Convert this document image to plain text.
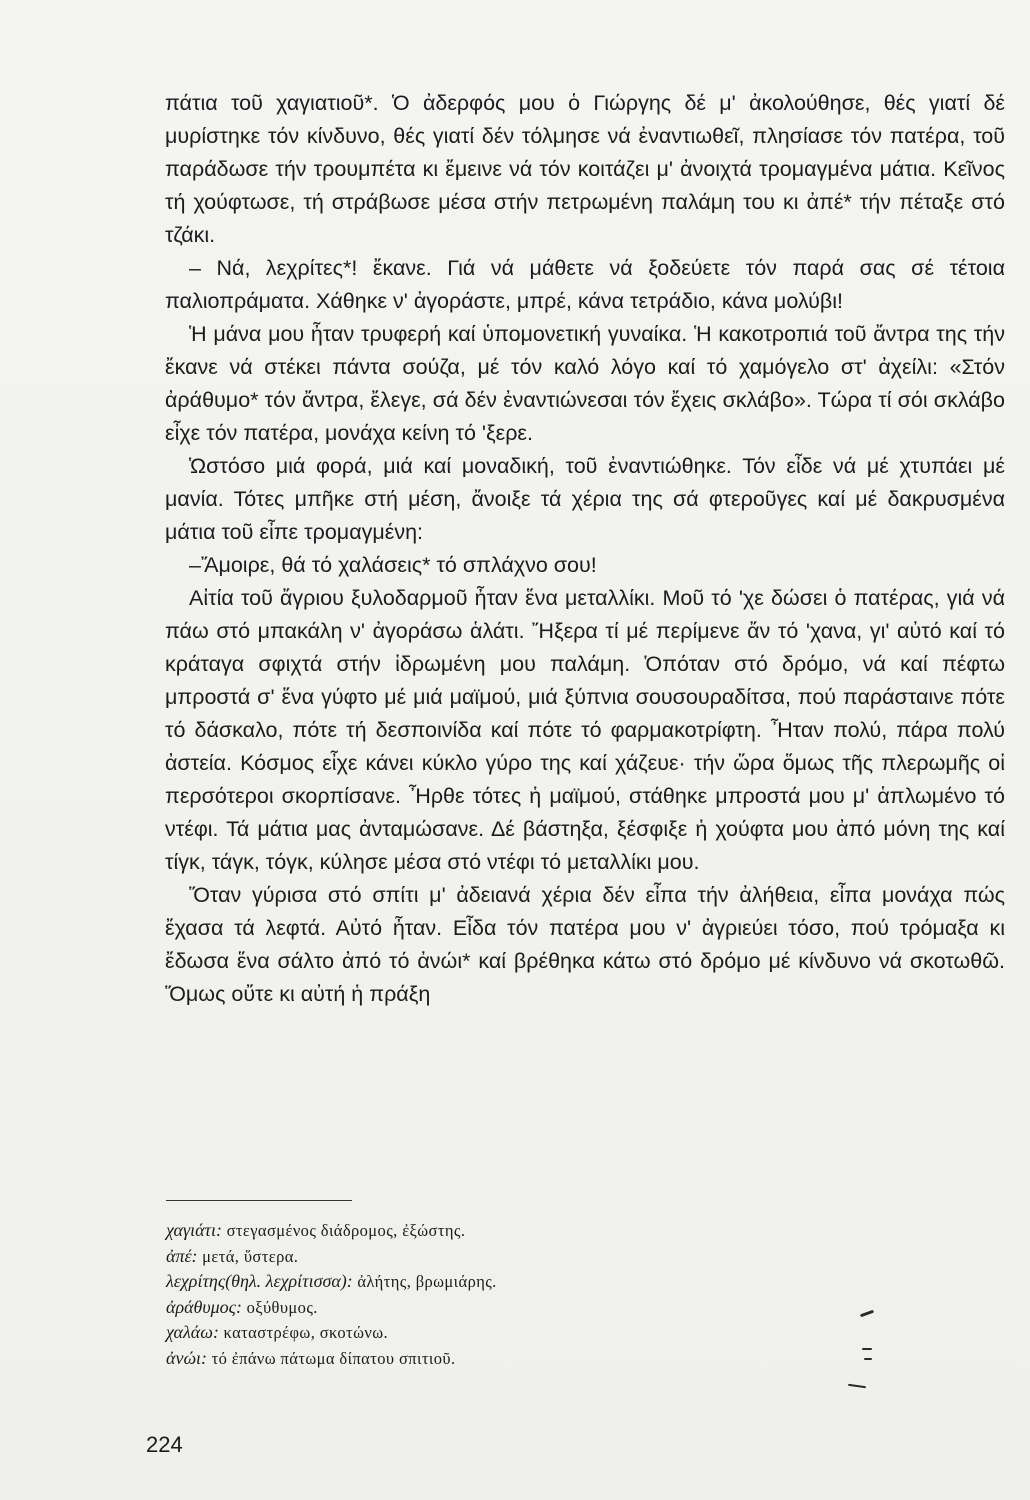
πάτια τοῦ χαγιατιοῦ*. Ὁ ἀδερφός μου ὁ Γιώργης δέ μ' ἀκολούθησε, θές γιατί δέ μυρίστηκε τόν κίνδυνο, θές γιατί δέν τόλμησε νά ἐναντιωθεῖ, πλησίασε τόν πατέρα, τοῦ παράδωσε τήν τρουμπέτα κι ἔμεινε νά τόν κοιτάζει μ' ἀνοιχτά τρομαγμένα μάτια. Κεῖνος τή χούφτωσε, τή στράβωσε μέσα στήν πετρωμένη παλάμη του κι ἀπέ* τήν πέταξε στό τζάκι.

– Νά, λεχρίτες*! ἔκανε. Γιά νά μάθετε νά ξοδεύετε τόν παρά σας σέ τέτοια παλιοπράματα. Χάθηκε ν' ἀγοράστε, μπρέ, κάνα τετράδιο, κάνα μολύβι!

Ἡ μάνα μου ἦταν τρυφερή καί ὑπομονετική γυναίκα. Ἡ κακοτροπιά τοῦ ἄντρα της τήν ἔκανε νά στέκει πάντα σούζα, μέ τόν καλό λόγο καί τό χαμόγελο στ' ἀχείλι: «Στόν ἀράθυμο* τόν ἄντρα, ἔλεγε, σά δέν ἐναντιώνεσαι τόν ἔχεις σκλάβο». Τώρα τί σόι σκλάβο εἶχε τόν πατέρα, μονάχα κείνη τό 'ξερε.

Ὡστόσο μιά φορά, μιά καί μοναδική, τοῦ ἐναντιώθηκε. Τόν εἶδε νά μέ χτυπάει μέ μανία. Τότες μπῆκε στή μέση, ἄνοιξε τά χέρια της σά φτεροῦγες καί μέ δακρυσμένα μάτια τοῦ εἶπε τρομαγμένη:

–Ἄμοιρε, θά τό χαλάσεις* τό σπλάχνο σου!

Αἰτία τοῦ ἄγριου ξυλοδαρμοῦ ἦταν ἕνα μεταλλίκι. Μοῦ τό 'χε δώσει ὁ πατέρας, γιά νά πάω στό μπακάλη ν' ἀγοράσω ἁλάτι. Ἤξερα τί μέ περίμενε ἄν τό 'χανα, γι' αὐτό καί τό κράταγα σφιχτά στήν ἱδρωμένη μου παλάμη. Ὁπόταν στό δρόμο, νά καί πέφτω μπροστά σ' ἕνα γύφτο μέ μιά μαϊμού, μιά ξύπνια σουσουραδίτσα, πού παράσταινε πότε τό δάσκαλο, πότε τή δεσποινίδα καί πότε τό φαρμακοτρίφτη. Ἦταν πολύ, πάρα πολύ ἀστεία. Κόσμος εἶχε κάνει κύκλο γύρο της καί χάζευε· τήν ὥρα ὅμως τῆς πλερωμῆς οἱ περσότεροι σκορπίσανε. Ἦρθε τότες ἡ μαϊμού, στάθηκε μπροστά μου μ' ἁπλωμένο τό ντέφι. Τά μάτια μας ἀνταμώσανε. Δέ βάστηξα, ξέσφιξε ἡ χούφτα μου ἀπό μόνη της καί τίγκ, τάγκ, τόγκ, κύλησε μέσα στό ντέφι τό μεταλλίκι μου.

Ὅταν γύρισα στό σπίτι μ' ἀδειανά χέρια δέν εἶπα τήν ἀλήθεια, εἶπα μονάχα πώς ἔχασα τά λεφτά. Αὐτό ἦταν. Εἶδα τόν πατέρα μου ν' ἀγριεύει τόσο, πού τρόμαξα κι ἔδωσα ἕνα σάλτο ἀπό τό ἀνώι* καί βρέθηκα κάτω στό δρόμο μέ κίνδυνο νά σκοτωθῶ. Ὅμως οὔτε κι αὐτή ἡ πράξη

χαγιάτι: στεγασμένος διάδρομος, ἐξώστης.
ἀπέ: μετά, ὕστερα.
λεχρίτης(θηλ. λεχρίτισσα): ἀλήτης, βρωμιάρης.
ἀράθυμος: οξύθυμος.
χαλάω: καταστρέφω, σκοτώνω.
ἀνώι: τό ἐπάνω πάτωμα δίπατου σπιτιοῦ.
224
